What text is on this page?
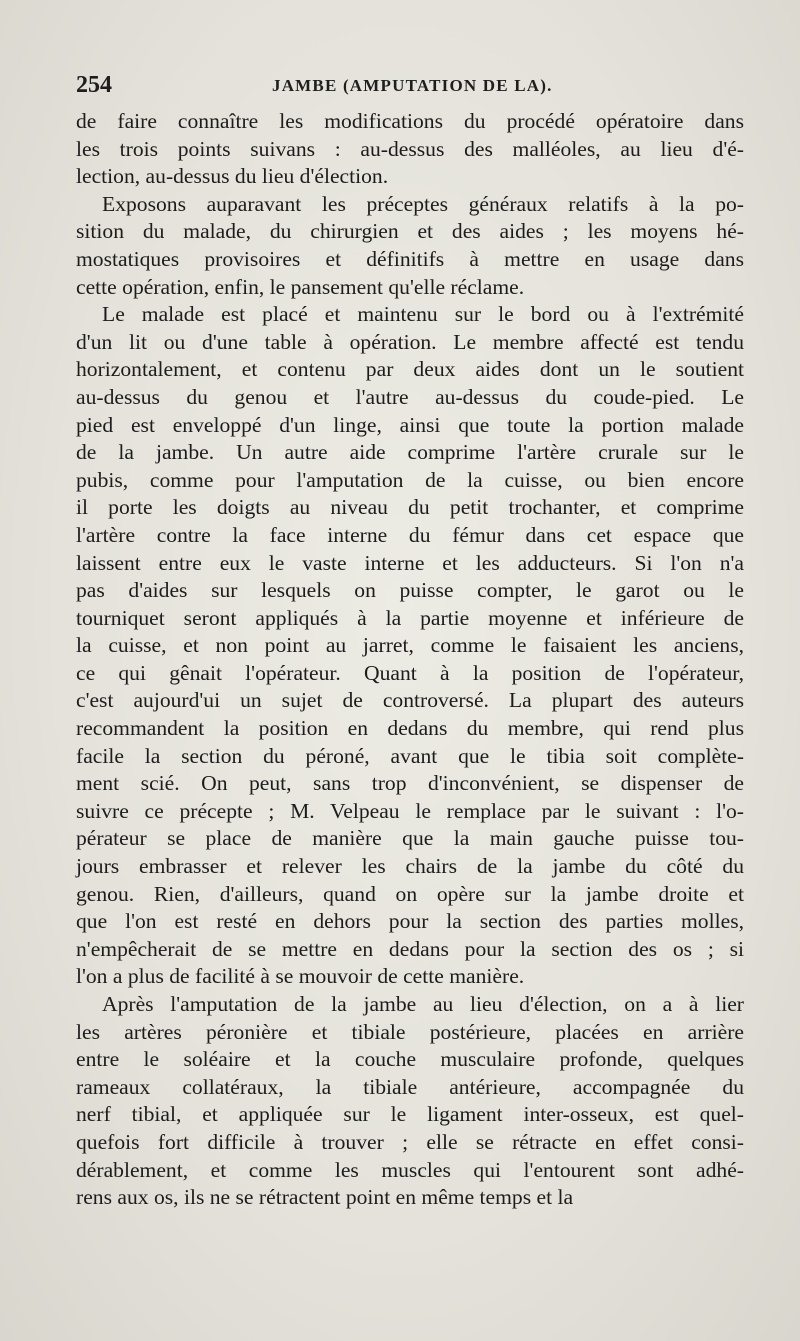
254	JAMBE (AMPUTATION DE LA).
de faire connaître les modifications du procédé opératoire dans
les trois points suivans : au-dessus des malléoles, au lieu d'é-
lection, au-dessus du lieu d'élection.
Exposons auparavant les préceptes généraux relatifs à la po-
sition du malade, du chirurgien et des aides ; les moyens hé-
mostatiques provisoires et définitifs à mettre en usage dans
cette opération, enfin, le pansement qu'elle réclame.
Le malade est placé et maintenu sur le bord ou à l'extrémité
d'un lit ou d'une table à opération. Le membre affecté est tendu
horizontalement, et contenu par deux aides dont un le soutient
au-dessus du genou et l'autre au-dessus du coude-pied. Le
pied est enveloppé d'un linge, ainsi que toute la portion malade
de la jambe. Un autre aide comprime l'artère crurale sur le
pubis, comme pour l'amputation de la cuisse, ou bien encore
il porte les doigts au niveau du petit trochanter, et comprime
l'artère contre la face interne du fémur dans cet espace que
laissent entre eux le vaste interne et les adducteurs. Si l'on n'a
pas d'aides sur lesquels on puisse compter, le garot ou le
tourniquet seront appliqués à la partie moyenne et inférieure de
la cuisse, et non point au jarret, comme le faisaient les anciens,
ce qui gênait l'opérateur. Quant à la position de l'opérateur,
c'est aujourd'ui un sujet de controversé. La plupart des auteurs
recommandent la position en dedans du membre, qui rend plus
facile la section du péroné, avant que le tibia soit complète-
ment scié. On peut, sans trop d'inconvénient, se dispenser de
suivre ce précepte ; M. Velpeau le remplace par le suivant : l'o-
pérateur se place de manière que la main gauche puisse tou-
jours embrasser et relever les chairs de la jambe du côté du
genou. Rien, d'ailleurs, quand on opère sur la jambe droite et
que l'on est resté en dehors pour la section des parties molles,
n'empêcherait de se mettre en dedans pour la section des os ; si
l'on a plus de facilité à se mouvoir de cette manière.
Après l'amputation de la jambe au lieu d'élection, on a à lier
les artères péronière et tibiale postérieure, placées en arrière
entre le soléaire et la couche musculaire profonde, quelques
rameaux collatéraux, la tibiale antérieure, accompagnée du
nerf tibial, et appliquée sur le ligament inter-osseux, est quel-
quefois fort difficile à trouver ; elle se rétracte en effet consi-
dérablement, et comme les muscles qui l'entourent sont adhé-
rens aux os, ils ne se rétractent point en même temps et la
